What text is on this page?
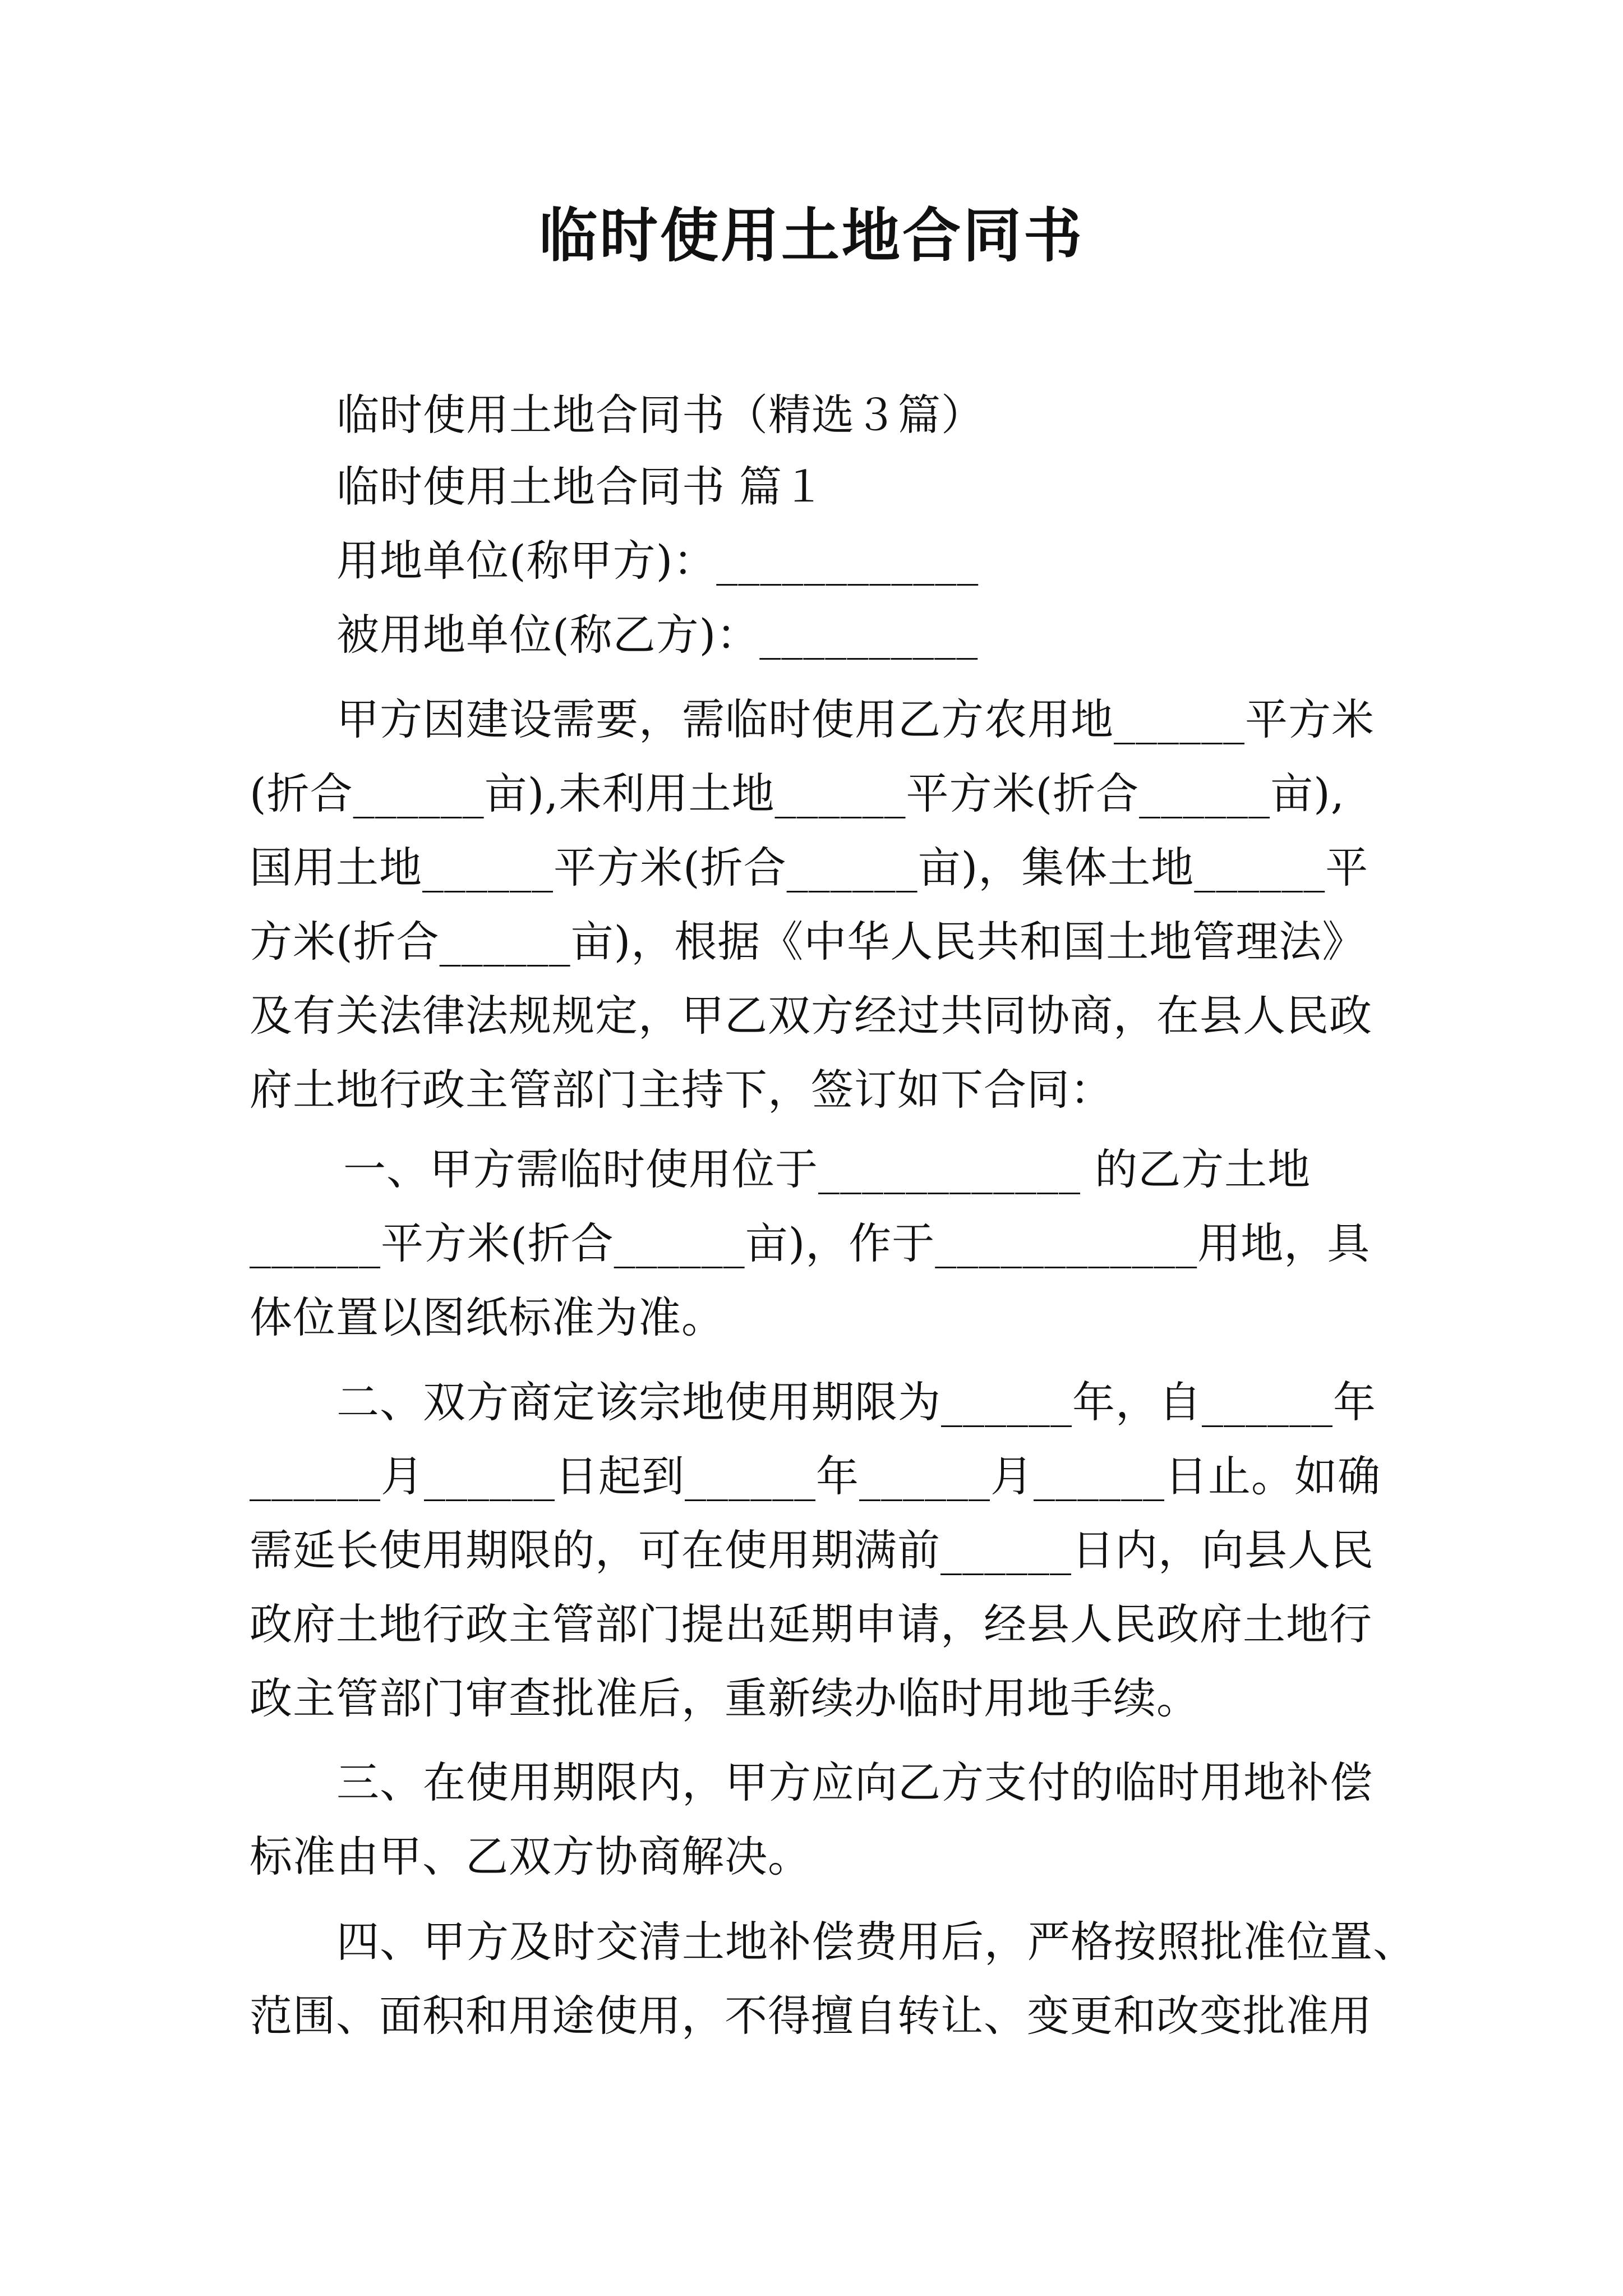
临时使用土地合同书

临时使用土地合同书（精选３篇）

临时使用土地合同书 篇１

用地单位(称甲方)：____________

被用地单位(称乙方)：__________

甲方因建设需要，需临时使用乙方农用地______平方米

(折合______亩),未利用土地______平方米(折合______亩),

国用土地______平方米(折合______亩)，集体土地______平

方米(折合______亩)，根据《中华人民共和国土地管理法》

及有关法律法规规定，甲乙双方经过共同协商，在县人民政

府土地行政主管部门主持下，签订如下合同：

一、甲方需临时使用位于____________ 的乙方土地

______平方米(折合______亩)，作于____________用地，具

体位置以图纸标准为准。

二、双方商定该宗地使用期限为______年，自______年

______月______日起到______年______月______日止。如确

需延长使用期限的，可在使用期满前______日内，向县人民

政府土地行政主管部门提出延期申请，经县人民政府土地行

政主管部门审查批准后，重新续办临时用地手续。

三、在使用期限内，甲方应向乙方支付的临时用地补偿

标准由甲、乙双方协商解决。

四、甲方及时交清土地补偿费用后，严格按照批准位置、

范围、面积和用途使用，不得擅自转让、变更和改变批准用
